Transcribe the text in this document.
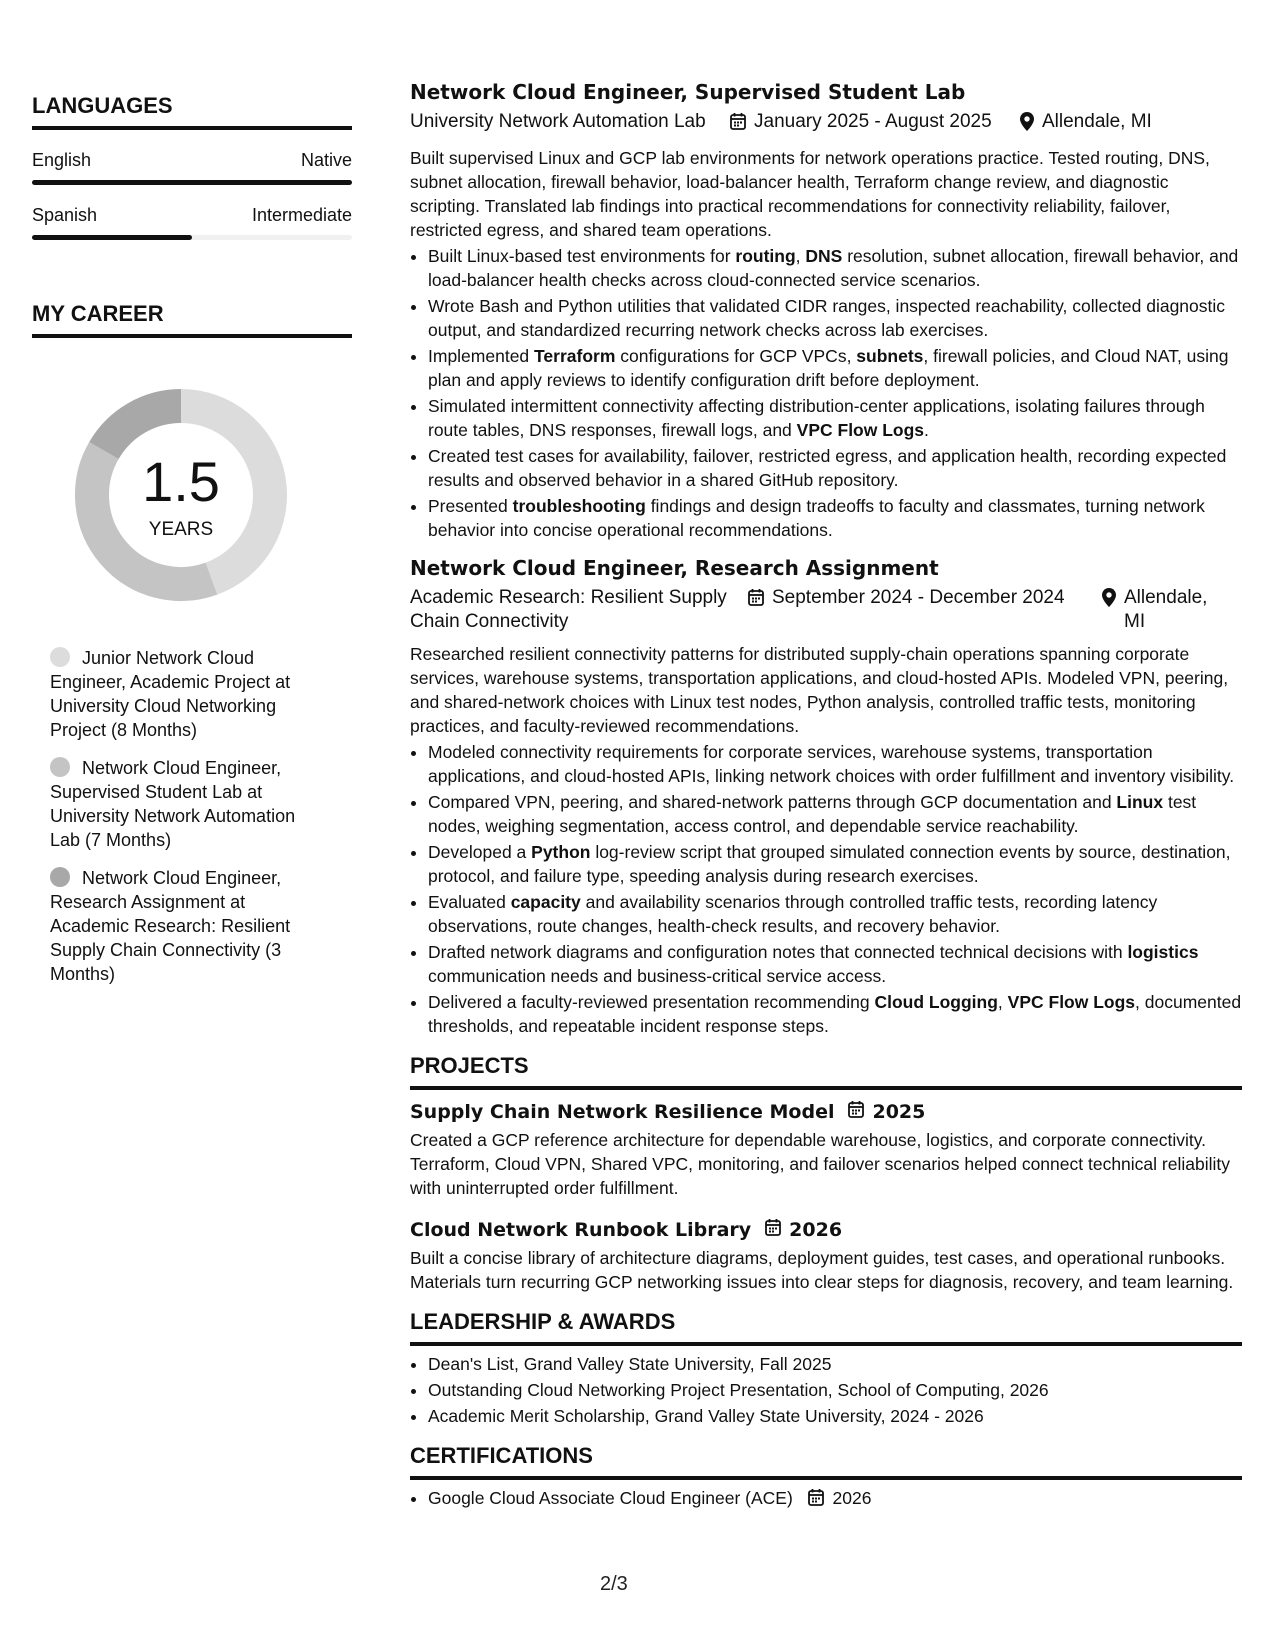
LANGUAGES
English	Native
Spanish	Intermediate
MY CAREER
1.5
YEARS
Junior Network Cloud Engineer, Academic Project at University Cloud Networking Project (8 Months)
Network Cloud Engineer, Supervised Student Lab at University Network Automation Lab (7 Months)
Network Cloud Engineer, Research Assignment at Academic Research: Resilient Supply Chain Connectivity (3 Months)
Network Cloud Engineer, Supervised Student Lab
University Network Automation Lab	January 2025 - August 2025	Allendale, MI
Built supervised Linux and GCP lab environments for network operations practice. Tested routing, DNS, subnet allocation, firewall behavior, load-balancer health, Terraform change review, and diagnostic scripting. Translated lab findings into practical recommendations for connectivity reliability, failover, restricted egress, and shared team operations.
• Built Linux-based test environments for routing, DNS resolution, subnet allocation, firewall behavior, and load-balancer health checks across cloud-connected service scenarios.
• Wrote Bash and Python utilities that validated CIDR ranges, inspected reachability, collected diagnostic output, and standardized recurring network checks across lab exercises.
• Implemented Terraform configurations for GCP VPCs, subnets, firewall policies, and Cloud NAT, using plan and apply reviews to identify configuration drift before deployment.
• Simulated intermittent connectivity affecting distribution-center applications, isolating failures through route tables, DNS responses, firewall logs, and VPC Flow Logs.
• Created test cases for availability, failover, restricted egress, and application health, recording expected results and observed behavior in a shared GitHub repository.
• Presented troubleshooting findings and design tradeoffs to faculty and classmates, turning network behavior into concise operational recommendations.
Network Cloud Engineer, Research Assignment
Academic Research: Resilient Supply Chain Connectivity
September 2024 - December 2024	Allendale, MI
Researched resilient connectivity patterns for distributed supply-chain operations spanning corporate services, warehouse systems, transportation applications, and cloud-hosted APIs. Modeled VPN, peering, and shared-network choices with Linux test nodes, Python analysis, controlled traffic tests, monitoring practices, and faculty-reviewed recommendations.
• Modeled connectivity requirements for corporate services, warehouse systems, transportation applications, and cloud-hosted APIs, linking network choices with order fulfillment and inventory visibility.
• Compared VPN, peering, and shared-network patterns through GCP documentation and Linux test nodes, weighing segmentation, access control, and dependable service reachability.
• Developed a Python log-review script that grouped simulated connection events by source, destination, protocol, and failure type, speeding analysis during research exercises.
• Evaluated capacity and availability scenarios through controlled traffic tests, recording latency observations, route changes, health-check results, and recovery behavior.
• Drafted network diagrams and configuration notes that connected technical decisions with logistics communication needs and business-critical service access.
• Delivered a faculty-reviewed presentation recommending Cloud Logging, VPC Flow Logs, documented thresholds, and repeatable incident response steps.
PROJECTS
Supply Chain Network Resilience Model 2025
Created a GCP reference architecture for dependable warehouse, logistics, and corporate connectivity. Terraform, Cloud VPN, Shared VPC, monitoring, and failover scenarios helped connect technical reliability with uninterrupted order fulfillment.
Cloud Network Runbook Library 2026
Built a concise library of architecture diagrams, deployment guides, test cases, and operational runbooks. Materials turn recurring GCP networking issues into clear steps for diagnosis, recovery, and team learning.
LEADERSHIP & AWARDS
• Dean's List, Grand Valley State University, Fall 2025
• Outstanding Cloud Networking Project Presentation, School of Computing, 2026
• Academic Merit Scholarship, Grand Valley State University, 2024 - 2026
CERTIFICATIONS
• Google Cloud Associate Cloud Engineer (ACE) 2026
2/3
